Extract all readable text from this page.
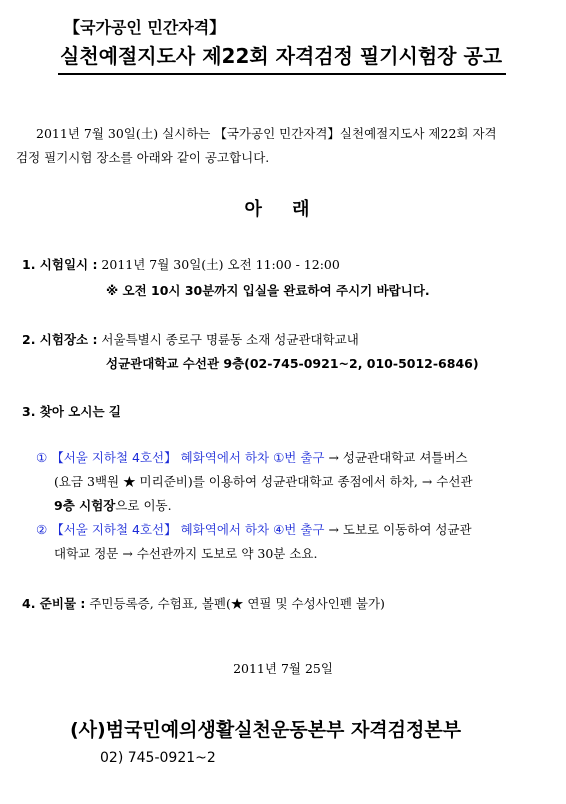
【국가공인 민간자격】
실천예절지도사 제22회 자격검정 필기시험장 공고
2011년 7월 30일(土) 실시하는 【국가공인 민간자격】실천예절지도사 제22회 자격
검정 필기시험 장소를 아래와 같이 공고합니다.
아 래
1. 시험일시 : 2011년 7월 30일(土) 오전 11:00 - 12:00
※ 오전 10시 30분까지 입실을 완료하여 주시기 바랍니다.
2. 시험장소 : 서울특별시 종로구 명륜동 소재 성균관대학교내
성균관대학교 수선관 9층(02-745-0921~2, 010-5012-6846)
3. 찾아 오시는 길
① 【서울 지하철 4호선】 혜화역에서 하차 ①번 출구 → 성균관대학교 셔틀버스
(요금 3백원 ★ 미리준비)를 이용하여 성균관대학교 종점에서 하차, → 수선관
9층 시험장으로 이동.
② 【서울 지하철 4호선】 혜화역에서 하차 ④번 출구 → 도보로 이동하여 성균관
대학교 정문 → 수선관까지 도보로 약 30분 소요.
4. 준비물 : 주민등록증, 수험표, 볼펜(★ 연필 및 수성사인펜 불가)
2011년 7월 25일
(사)범국민예의생활실천운동본부 자격검정본부
02) 745-0921~2
